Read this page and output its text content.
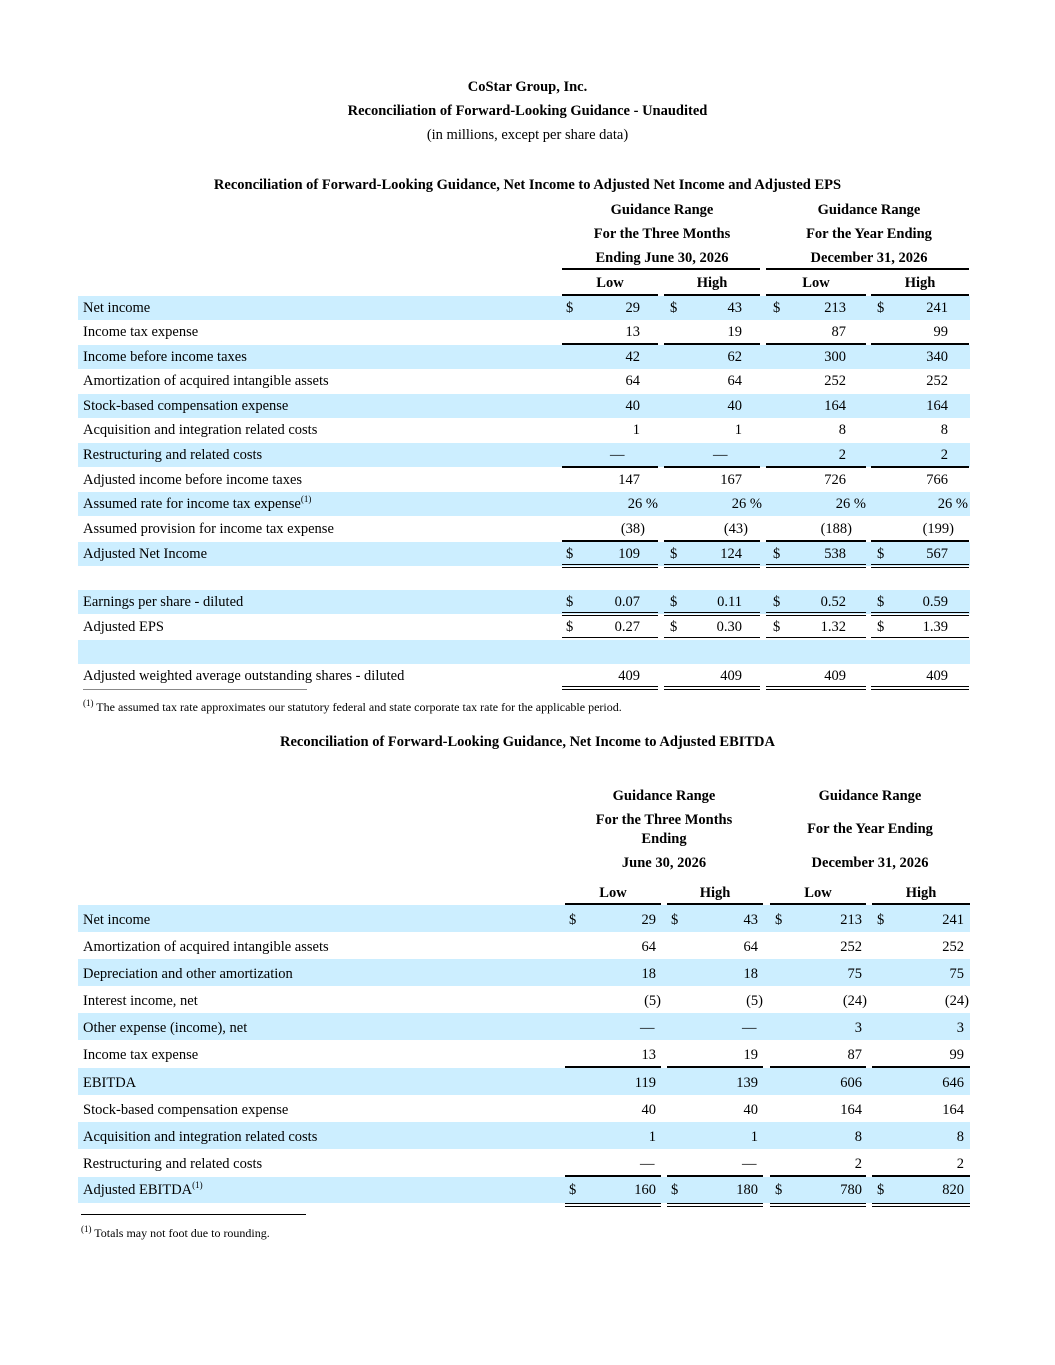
CoStar Group, Inc.
Reconciliation of Forward-Looking Guidance - Unaudited
(in millions, except per share data)
Reconciliation of Forward-Looking Guidance, Net Income to Adjusted Net Income and Adjusted EPS
Guidance Range
For the Three Months
Ending June 30, 2026
Guidance Range
For the Year Ending
December 31, 2026
Low	High	Low	High
Net income	$	29 $	43 $	213 $	241
Income tax expense	13	19	87	99
Income before income taxes	42	62	300	340
Amortization of acquired intangible assets	64	64	252	252
Stock-based compensation expense	40	40	164	164
Acquisition and integration related costs	1	1	8	8
Restructuring and related costs	—	—	2	2
Adjusted income before income taxes	147	167	726	766
Assumed rate for income tax expense$^{(1)}$	26 %	26 %	26 %	26 %
Assumed provision for income tax expense	(38)	(43)	(188)	(199)
Adjusted Net Income	$	109 $	124 $	538 $	567
Earnings per share - diluted	$	0.07 $	0.11 $	0.52 $	0.59
Adjusted EPS	$	0.27 $	0.30 $	1.32 $	1.39
Adjusted weighted average outstanding shares - diluted	409	409	409	409
$^{(1)}$ The assumed tax rate approximates our statutory federal and state corporate tax rate for the applicable period.
Reconciliation of Forward-Looking Guidance, Net Income to Adjusted EBITDA
Guidance Range
For the Three Months
Ending
June 30, 2026
Guidance Range
For the Year Ending
December 31, 2026
Low	High	Low	High
Net income	$	29 $	43 $	213 $	241
Amortization of acquired intangible assets	64	64	252	252
Depreciation and other amortization	18	18	75	75
Interest income, net	(5)	(5)	(24)	(24)
Other expense (income), net	—	—	3	3
Income tax expense	13	19	87	99
EBITDA	119	139	606	646
Stock-based compensation expense	40	40	164	164
Acquisition and integration related costs	1	1	8	8
Restructuring and related costs	—	—	2	2
Adjusted EBITDA$^{(1)}$	$	160 $	180 $	780 $	820
$^{(1)}$ Totals may not foot due to rounding.
